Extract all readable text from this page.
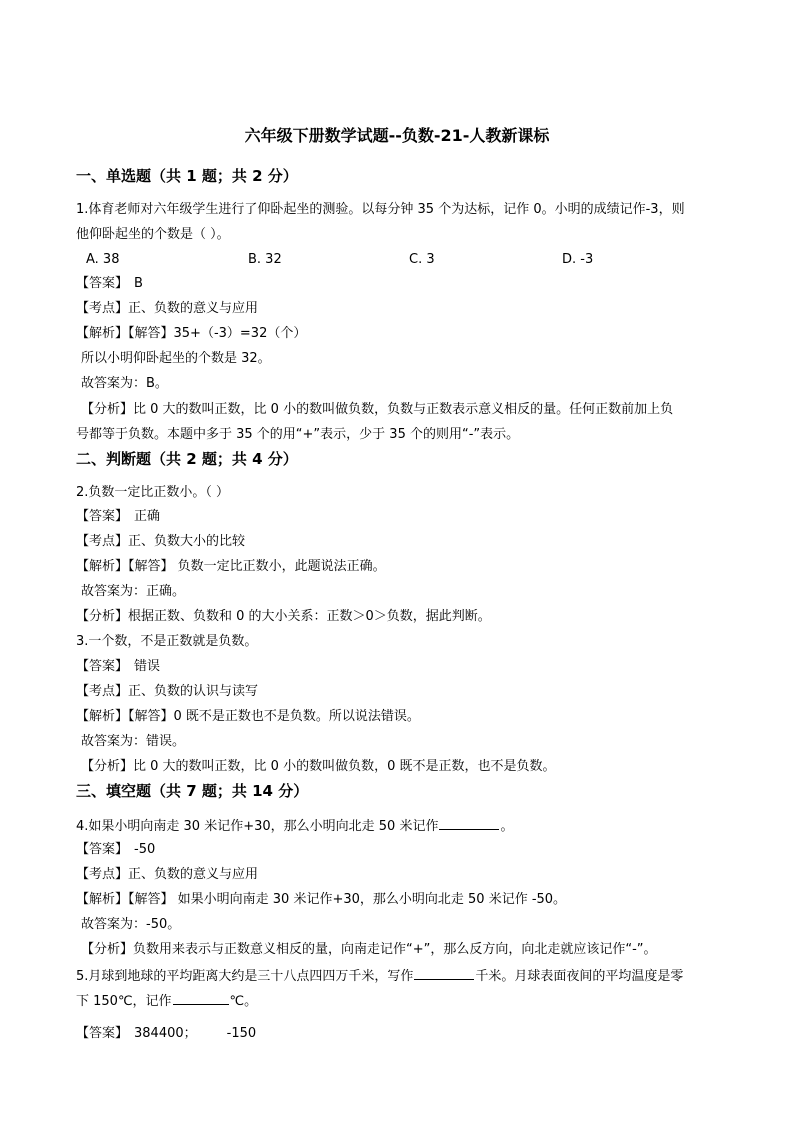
六年级下册数学试题--负数-21-人教新课标
一、单选题（共 1 题；共 2 分）
1.体育老师对六年级学生进行了仰卧起坐的测验。以每分钟 35 个为达标，记作 0。小明的成绩记作-3，则
他仰卧起坐的个数是（ ）。
A. 38	B. 32	C. 3	D. -3
【答案】 B
【考点】正、负数的意义与应用
【解析】【解答】35+（-3）=32（个）
所以小明仰卧起坐的个数是 32。
故答案为：B。
【分析】比 0 大的数叫正数，比 0 小的数叫做负数，负数与正数表示意义相反的量。任何正数前加上负
号都等于负数。本题中多于 35 个的用“+”表示，少于 35 个的则用“-”表示。
二、判断题（共 2 题；共 4 分）
2.负数一定比正数小。（ ）
【答案】 正确
【考点】正、负数大小的比较
【解析】【解答】 负数一定比正数小，此题说法正确。
故答案为：正确。
【分析】根据正数、负数和 0 的大小关系：正数＞0＞负数，据此判断。
3.一个数，不是正数就是负数。
【答案】 错误
【考点】正、负数的认识与读写
【解析】【解答】0 既不是正数也不是负数。所以说法错误。
故答案为：错误。
【分析】比 0 大的数叫正数，比 0 小的数叫做负数，0 既不是正数，也不是负数。
三、填空题（共 7 题；共 14 分）
4.如果小明向南走 30 米记作+30，那么小明向北走 50 米记作	。
【答案】 -50
【考点】正、负数的意义与应用
【解析】【解答】 如果小明向南走 30 米记作+30，那么小明向北走 50 米记作 -50。
故答案为：-50。
【分析】负数用来表示与正数意义相反的量，向南走记作“+”，那么反方向，向北走就应该记作“-”。
5.月球到地球的平均距离大约是三十八点四四万千米，写作	千米。月球表面夜间的平均温度是零
下 150℃，记作	℃。
【答案】 384400； -150
